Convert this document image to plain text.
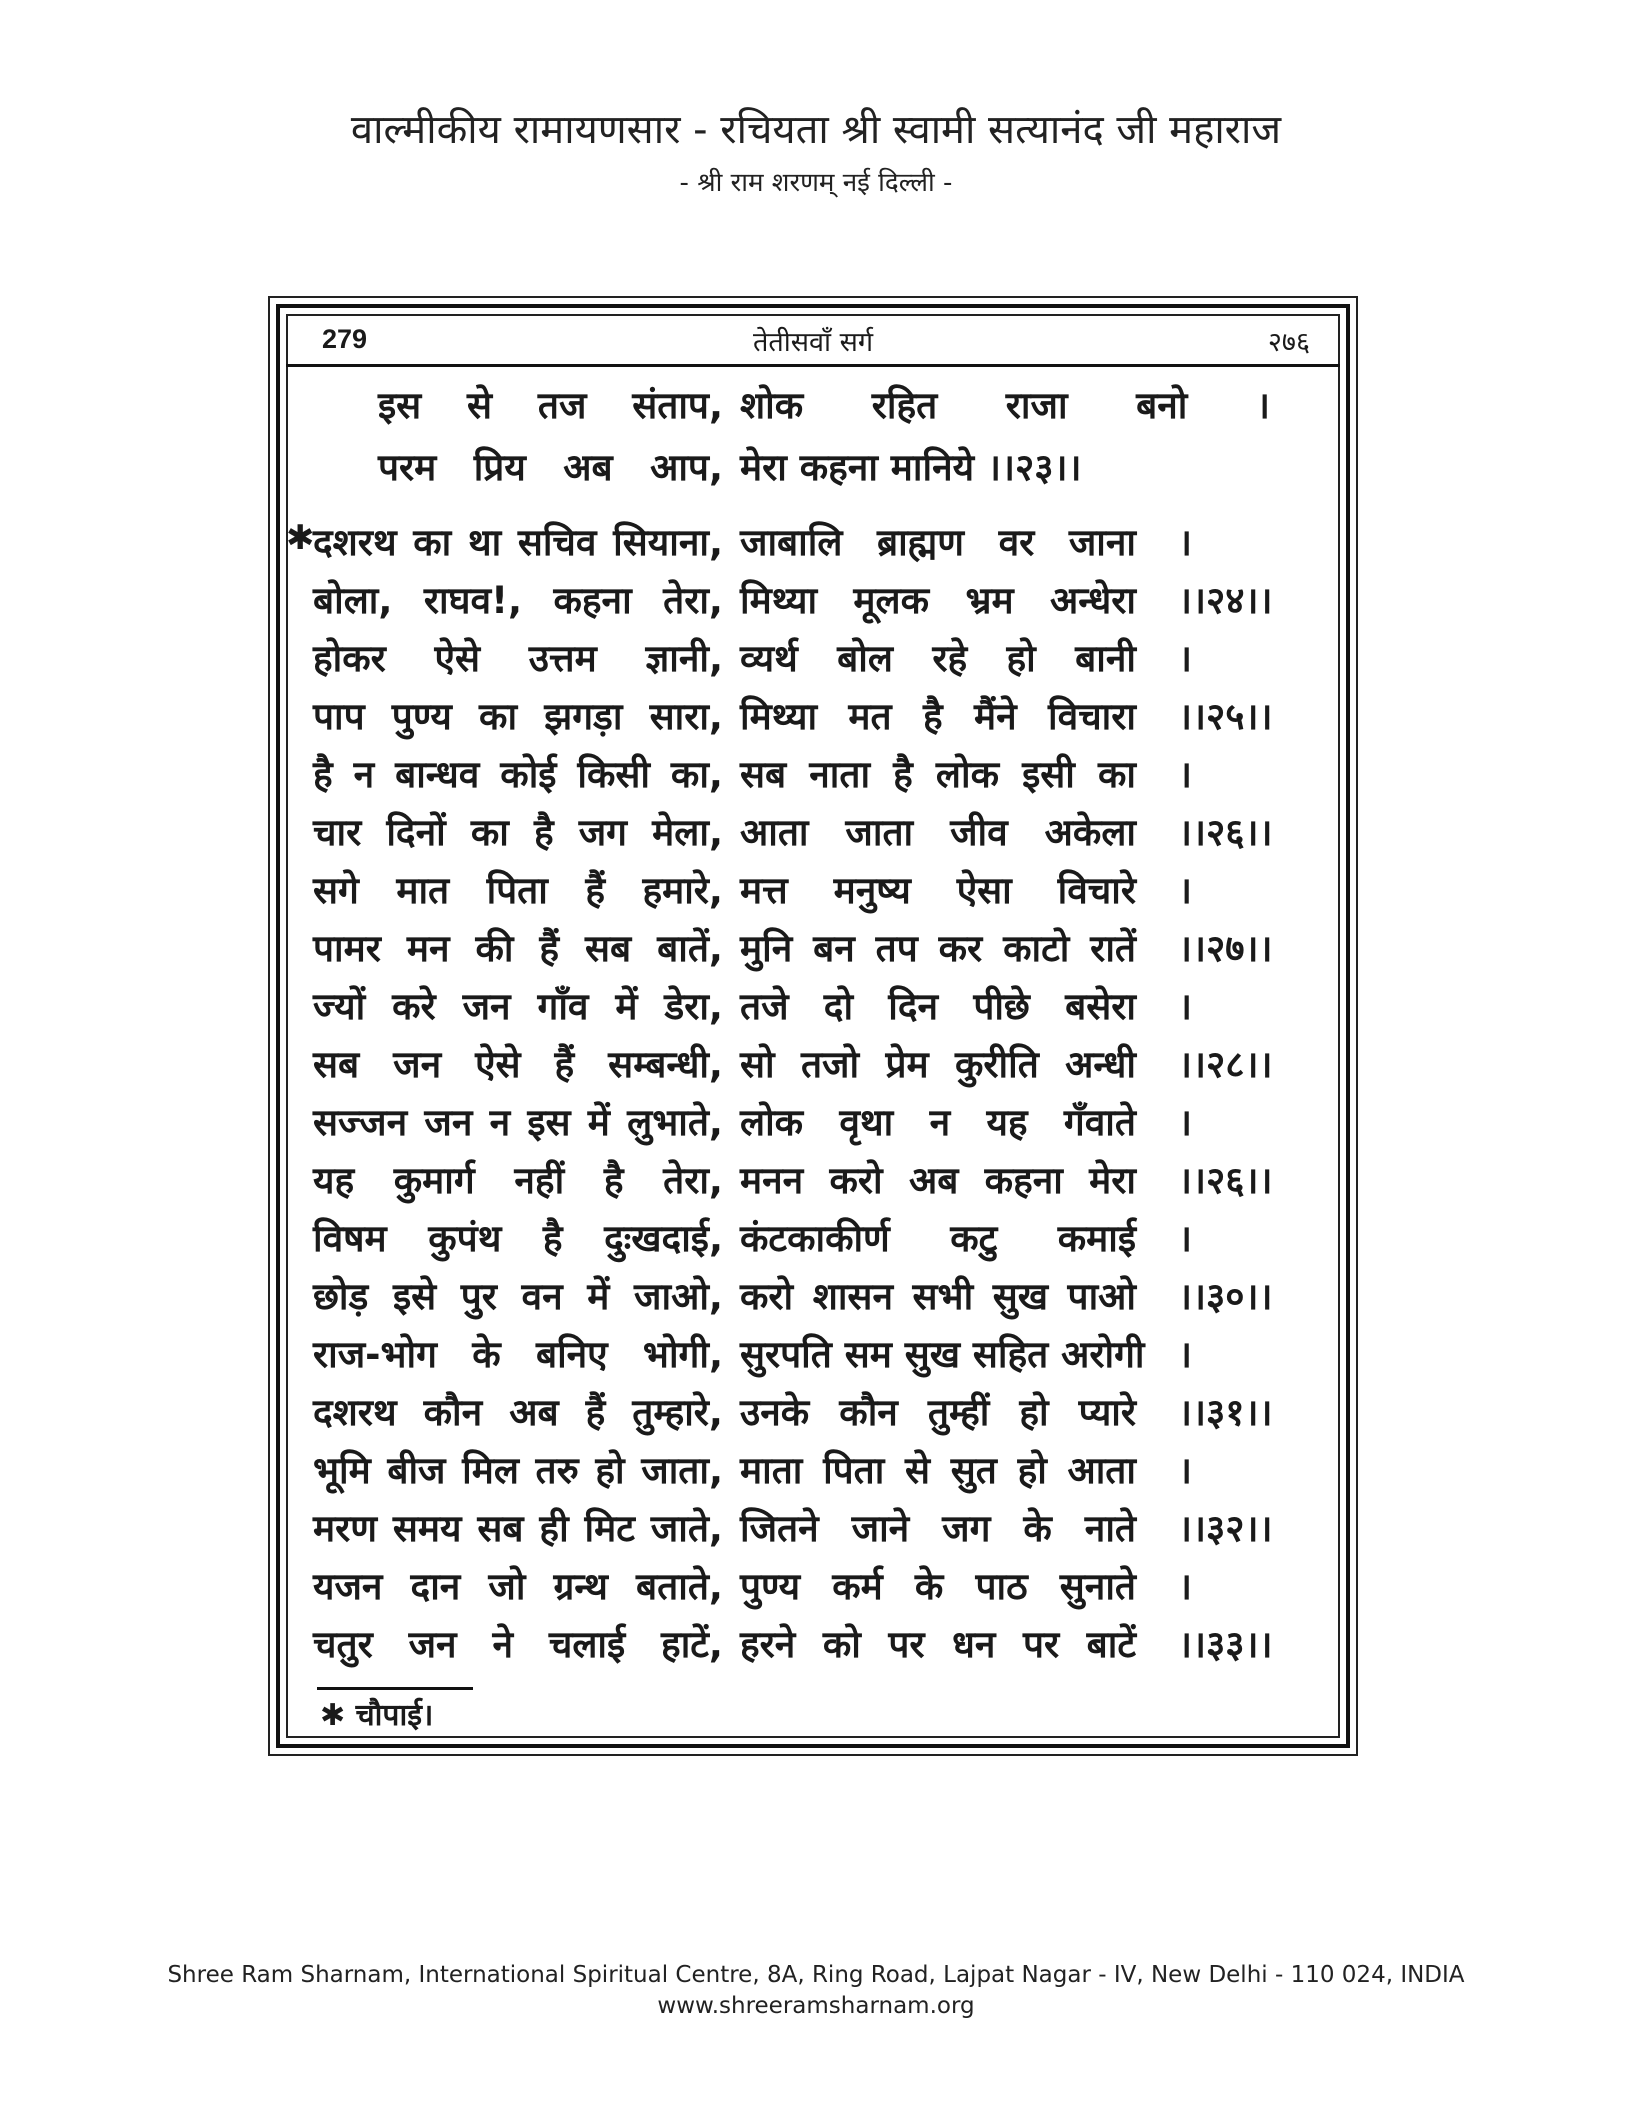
वाल्मीकीय रामायणसार - रचियता श्री स्वामी सत्यानंद जी महाराज
- श्री राम शरणम् नई दिल्ली -
279	तेतीसवाँ सर्ग	२७६
इस से तज संताप, शोक रहित राजा बनो ।
परम प्रिय अब आप, मेरा कहना मानिये ।।२३।।
✱
दशरथ का था सचिव सियाना, जाबालि ब्राह्मण वर जाना ।
बोला, राघव!, कहना तेरा, मिथ्या मूलक भ्रम अन्धेरा ।।२४।।
होकर ऐसे उत्तम ज्ञानी, व्यर्थ बोल रहे हो बानी ।
पाप पुण्य का झगड़ा सारा, मिथ्या मत है मैंने विचारा ।।२५।।
है न बान्धव कोई किसी का, सब नाता है लोक इसी का ।
चार दिनों का है जग मेला, आता जाता जीव अकेला ।।२६।।
सगे मात पिता हैं हमारे, मत्त मनुष्य ऐसा विचारे ।
पामर मन की हैं सब बातें, मुनि बन तप कर काटो रातें ।।२७।।
ज्यों करे जन गाँव में डेरा, तजे दो दिन पीछे बसेरा ।
सब जन ऐसे हैं सम्बन्धी, सो तजो प्रेम कुरीति अन्धी ।।२८।।
सज्जन जन न इस में लुभाते, लोक वृथा न यह गँवाते ।
यह कुमार्ग नहीं है तेरा, मनन करो अब कहना मेरा ।।२६।।
विषम कुपंथ है दुःखदाई, कंटकाकीर्ण कटु कमाई ।
छोड़ इसे पुर वन में जाओ, करो शासन सभी सुख पाओ ।।३०।।
राज-भोग के बनिए भोगी, सुरपति सम सुख सहित अरोगी ।
दशरथ कौन अब हैं तुम्हारे, उनके कौन तुम्हीं हो प्यारे ।।३१।।
भूमि बीज मिल तरु हो जाता, माता पिता से सुत हो आता ।
मरण समय सब ही मिट जाते, जितने जाने जग के नाते ।।३२।।
यजन दान जो ग्रन्थ बताते, पुण्य कर्म के पाठ सुनाते ।
चतुर जन ने चलाई हाटें, हरने को पर धन पर बाटें ।।३३।।
✱ चौपाई।
Shree Ram Sharnam, International Spiritual Centre, 8A, Ring Road, Lajpat Nagar - IV, New Delhi - 110 024, INDIA
www.shreeramsharnam.org
